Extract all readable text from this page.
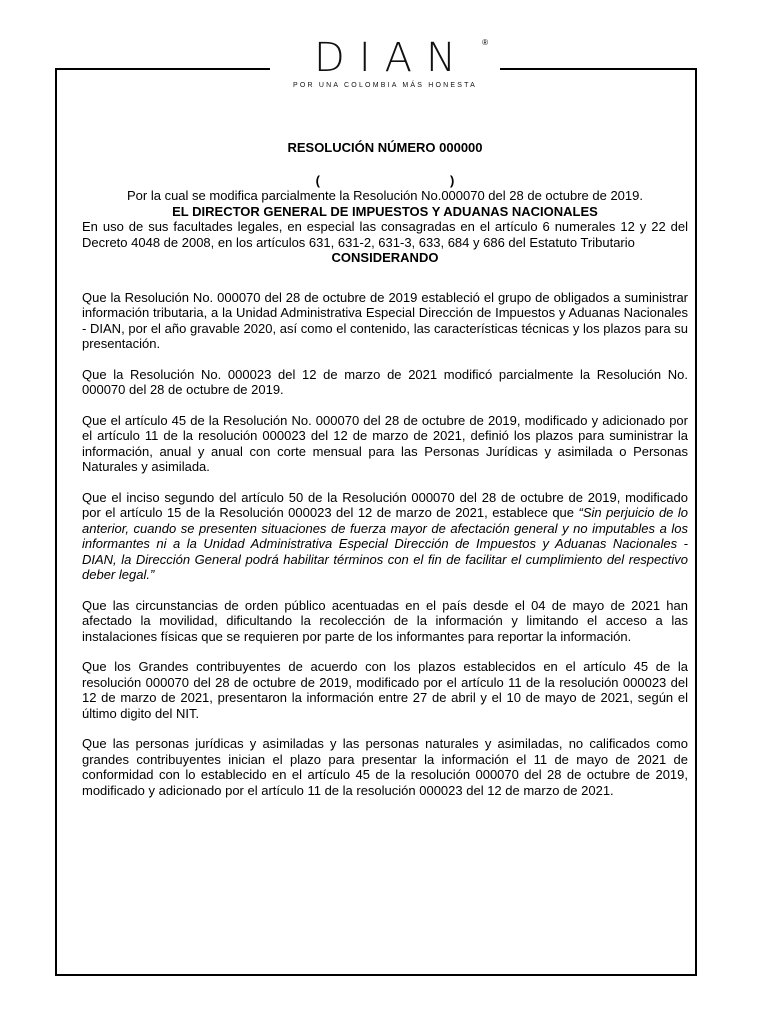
DIAN	®
POR UNA COLOMBIA MÁS HONESTA

RESOLUCIÓN NÚMERO 000000

(	)

Por la cual se modifica parcialmente la Resolución No.000070 del 28 de octubre de 2019.

EL DIRECTOR GENERAL DE IMPUESTOS Y ADUANAS NACIONALES

En uso de sus facultades legales, en especial las consagradas en el artículo 6 numerales 12 y 22 del Decreto 4048 de 2008, en los artículos 631, 631-2, 631-3, 633, 684 y 686 del Estatuto Tributario

CONSIDERANDO

Que la Resolución No. 000070 del 28 de octubre de 2019 estableció el grupo de obligados a suministrar información tributaria, a la Unidad Administrativa Especial Dirección de Impuestos y Aduanas Nacionales - DIAN, por el año gravable 2020, así como el contenido, las características técnicas y los plazos para su presentación.

Que la Resolución No. 000023 del 12 de marzo de 2021 modificó parcialmente la Resolución No. 000070 del 28 de octubre de 2019.

Que el artículo 45 de la Resolución No. 000070 del 28 de octubre de 2019, modificado y adicionado por el artículo 11 de la resolución 000023 del 12 de marzo de 2021, definió los plazos para suministrar la información, anual y anual con corte mensual para las Personas Jurídicas y asimilada o Personas Naturales y asimilada.

Que el inciso segundo del artículo 50 de la Resolución 000070 del 28 de octubre de 2019, modificado por el artículo 15 de la Resolución 000023 del 12 de marzo de 2021, establece que “Sin perjuicio de lo anterior, cuando se presenten situaciones de fuerza mayor de afectación general y no imputables a los informantes ni a la Unidad Administrativa Especial Dirección de Impuestos y Aduanas Nacionales - DIAN, la Dirección General podrá habilitar términos con el fin de facilitar el cumplimiento del respectivo deber legal.”

Que las circunstancias de orden público acentuadas en el país desde el 04 de mayo de 2021 han afectado la movilidad, dificultando la recolección de la información y limitando el acceso a las instalaciones físicas que se requieren por parte de los informantes para reportar la información.

Que los Grandes contribuyentes de acuerdo con los plazos establecidos en el artículo 45 de la resolución 000070 del 28 de octubre de 2019, modificado por el artículo 11 de la resolución 000023 del 12 de marzo de 2021, presentaron la información entre 27 de abril y el 10 de mayo de 2021, según el último digito del NIT.

Que las personas jurídicas y asimiladas y las personas naturales y asimiladas, no calificados como grandes contribuyentes inician el plazo para presentar la información el 11 de mayo de 2021 de conformidad con lo establecido en el artículo 45 de la resolución 000070 del 28 de octubre de 2019, modificado y adicionado por el artículo 11 de la resolución 000023 del 12 de marzo de 2021.
